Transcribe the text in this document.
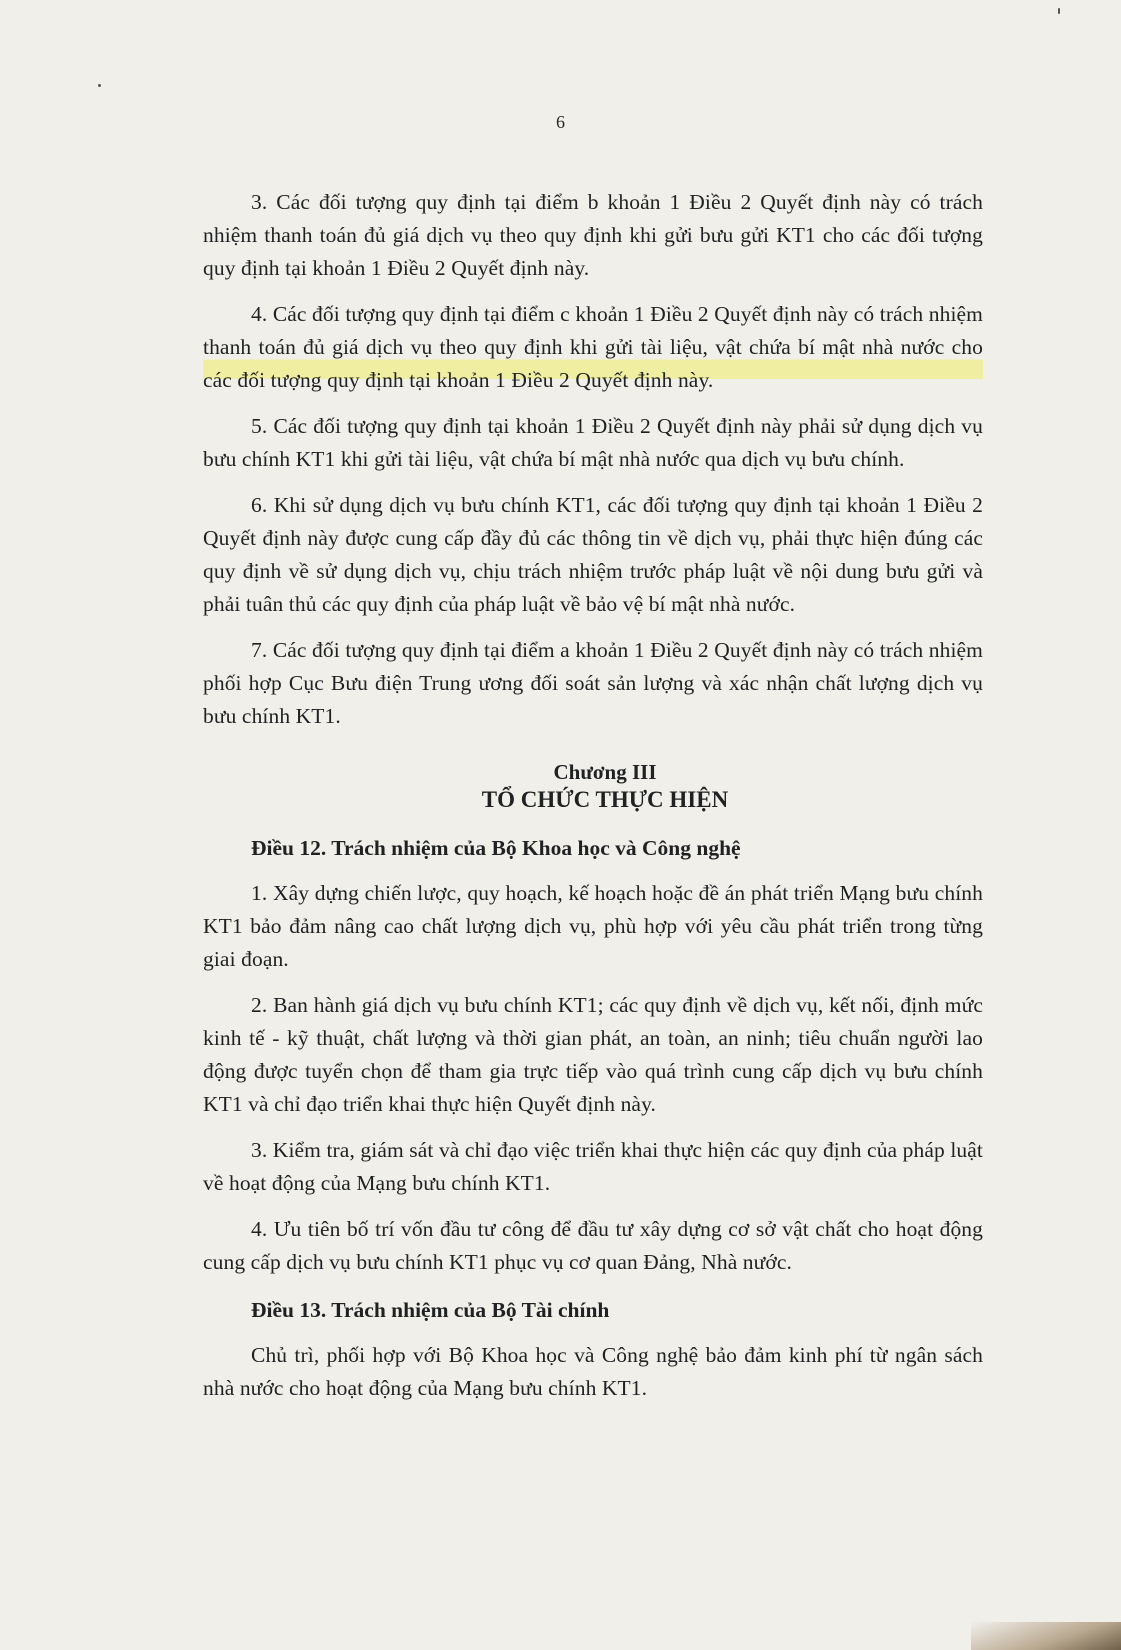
6

3. Các đối tượng quy định tại điểm b khoản 1 Điều 2 Quyết định này có trách nhiệm thanh toán đủ giá dịch vụ theo quy định khi gửi bưu gửi KT1 cho các đối tượng quy định tại khoản 1 Điều 2 Quyết định này.

4. Các đối tượng quy định tại điểm c khoản 1 Điều 2 Quyết định này có trách nhiệm thanh toán đủ giá dịch vụ theo quy định khi gửi tài liệu, vật chứa bí mật nhà nước cho các đối tượng quy định tại khoản 1 Điều 2 Quyết định này.

5. Các đối tượng quy định tại khoản 1 Điều 2 Quyết định này phải sử dụng dịch vụ bưu chính KT1 khi gửi tài liệu, vật chứa bí mật nhà nước qua dịch vụ bưu chính.

6. Khi sử dụng dịch vụ bưu chính KT1, các đối tượng quy định tại khoản 1 Điều 2 Quyết định này được cung cấp đầy đủ các thông tin về dịch vụ, phải thực hiện đúng các quy định về sử dụng dịch vụ, chịu trách nhiệm trước pháp luật về nội dung bưu gửi và phải tuân thủ các quy định của pháp luật về bảo vệ bí mật nhà nước.

7. Các đối tượng quy định tại điểm a khoản 1 Điều 2 Quyết định này có trách nhiệm phối hợp Cục Bưu điện Trung ương đối soát sản lượng và xác nhận chất lượng dịch vụ bưu chính KT1.

Chương III
TỔ CHỨC THỰC HIỆN
Điều 12. Trách nhiệm của Bộ Khoa học và Công nghệ

1. Xây dựng chiến lược, quy hoạch, kế hoạch hoặc đề án phát triển Mạng bưu chính KT1 bảo đảm nâng cao chất lượng dịch vụ, phù hợp với yêu cầu phát triển trong từng giai đoạn.

2. Ban hành giá dịch vụ bưu chính KT1; các quy định về dịch vụ, kết nối, định mức kinh tế - kỹ thuật, chất lượng và thời gian phát, an toàn, an ninh; tiêu chuẩn người lao động được tuyển chọn để tham gia trực tiếp vào quá trình cung cấp dịch vụ bưu chính KT1 và chỉ đạo triển khai thực hiện Quyết định này.

3. Kiểm tra, giám sát và chỉ đạo việc triển khai thực hiện các quy định của pháp luật về hoạt động của Mạng bưu chính KT1.

4. Ưu tiên bố trí vốn đầu tư công để đầu tư xây dựng cơ sở vật chất cho hoạt động cung cấp dịch vụ bưu chính KT1 phục vụ cơ quan Đảng, Nhà nước.

Điều 13. Trách nhiệm của Bộ Tài chính

Chủ trì, phối hợp với Bộ Khoa học và Công nghệ bảo đảm kinh phí từ ngân sách nhà nước cho hoạt động của Mạng bưu chính KT1.
